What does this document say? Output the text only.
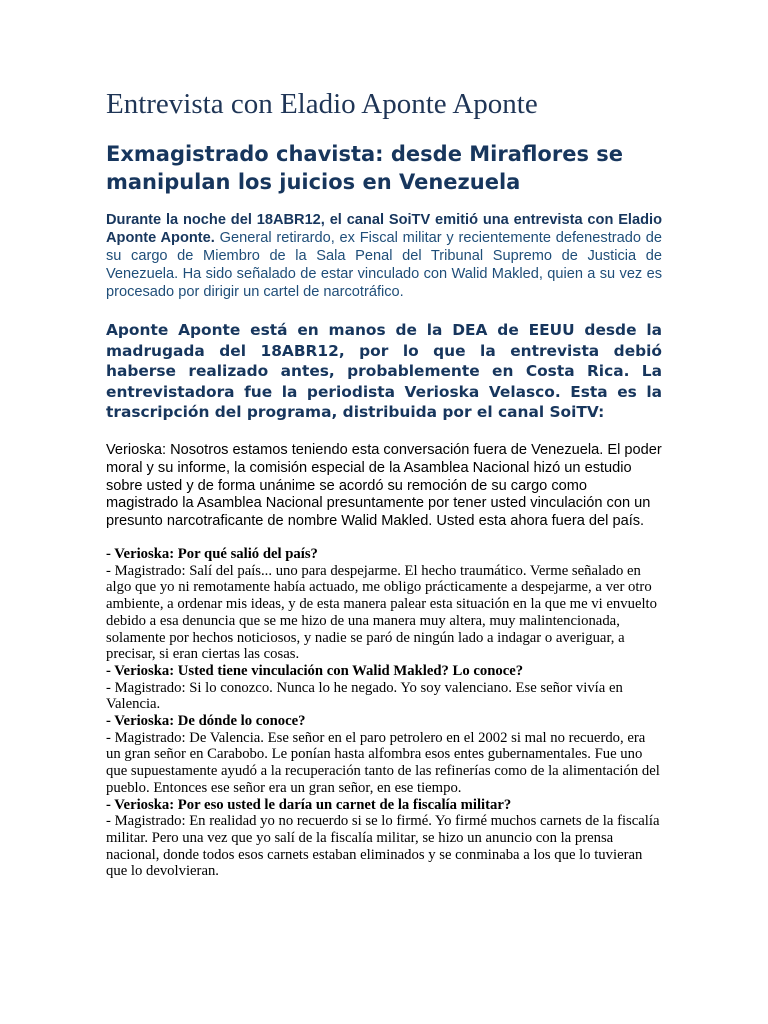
Entrevista con Eladio Aponte Aponte
Exmagistrado chavista: desde Miraflores se manipulan los juicios en Venezuela

Durante la noche del 18ABR12, el canal SoiTV emitió una entrevista con Eladio Aponte Aponte. General retirardo, ex Fiscal militar y recientemente defenestrado de su cargo de Miembro de la Sala Penal del Tribunal Supremo de Justicia de Venezuela. Ha sido señalado de estar vinculado con Walid Makled, quien a su vez es procesado por dirigir un cartel de narcotráfico.

Aponte Aponte está en manos de la DEA de EEUU desde la madrugada del 18ABR12, por lo que la entrevista debió haberse realizado antes, probablemente en Costa Rica. La entrevistadora fue la periodista Verioska Velasco. Esta es la trascripción del programa, distribuida por el canal SoiTV:

Verioska: Nosotros estamos teniendo esta conversación fuera de Venezuela. El poder moral y su informe, la comisión especial de la Asamblea Nacional hizó un estudio sobre usted y de forma unánime se acordó su remoción de su cargo como magistrado la Asamblea Nacional presuntamente por tener usted vinculación con un presunto narcotraficante de nombre Walid Makled. Usted esta ahora fuera del país.

- Verioska: Por qué salió del país?
- Magistrado: Salí del país... uno para despejarme. El hecho traumático. Verme señalado en algo que yo ni remotamente había actuado, me obligo prácticamente a despejarme, a ver otro ambiente, a ordenar mis ideas, y de esta manera palear esta situación en la que me vi envuelto debido a esa denuncia que se me hizo de una manera muy altera, muy malintencionada, solamente por hechos noticiosos, y nadie se paró de ningún lado a indagar o averiguar, a precisar, si eran ciertas las cosas.
- Verioska: Usted tiene vinculación con Walid Makled? Lo conoce?
- Magistrado: Si lo conozco. Nunca lo he negado. Yo soy valenciano. Ese señor vivía en Valencia.
- Verioska: De dónde lo conoce?
- Magistrado: De Valencia. Ese señor en el paro petrolero en el 2002 si mal no recuerdo, era un gran señor en Carabobo. Le ponían hasta alfombra esos entes gubernamentales. Fue uno que supuestamente ayudó a la recuperación tanto de las refinerías como de la alimentación del pueblo. Entonces ese señor era un gran señor, en ese tiempo.
- Verioska: Por eso usted le daría un carnet de la fiscalía militar?
- Magistrado: En realidad yo no recuerdo si se lo firmé. Yo firmé muchos carnets de la fiscalía militar. Pero una vez que yo salí de la fiscalía militar, se hizo un anuncio con la prensa nacional, donde todos esos carnets estaban eliminados y se conminaba a los que lo tuvieran que lo devolvieran.
